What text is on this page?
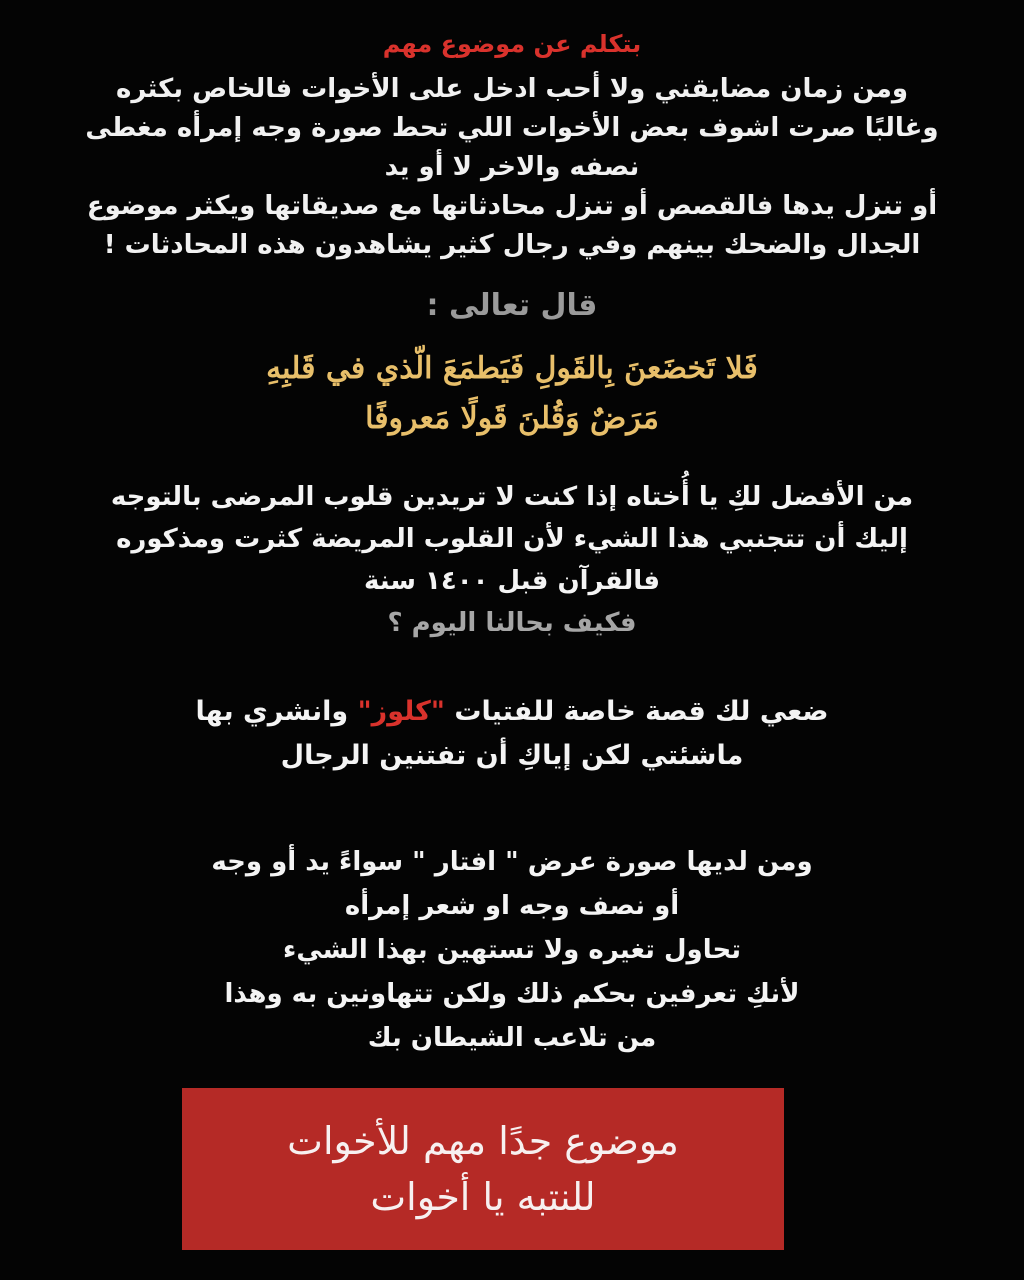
بتكلم عن موضوع مهم
ومن زمان مضايقني ولا أحب ادخل على الأخوات فالخاص بكثره
وغالبًا صرت اشوف بعض الأخوات اللي تحط صورة وجه إمرأه مغطى
نصفه والاخر لا أو يد
أو تنزل يدها فالقصص أو تنزل محادثاتها مع صديقاتها ويكثر موضوع
الجدال والضحك بينهم وفي رجال كثير يشاهدون هذه المحادثات !
قال تعالى :
فَلا تَخضَعنَ بِالقَولِ فَيَطمَعَ الّذي في قَلبِهِ
مَرَضٌ وَقُلنَ قَولًا مَعروفًا
من الأفضل لكِ يا أُختاه إذا كنت لا تريدين قلوب المرضى بالتوجه
إليك أن تتجنبي هذا الشيء لأن القلوب المريضة كثرت ومذكوره
فالقرآن قبل ١٤٠٠ سنة
فكيف بحالنا اليوم ؟
ضعي لك قصة خاصة للفتيات "كلوز" وانشري بها
ماشئتي لكن إياكِ أن تفتنين الرجال
ومن لديها صورة عرض " افتار " سواءً يد أو وجه
أو نصف وجه او شعر إمرأه
تحاول تغيره ولا تستهين بهذا الشيء
لأنكِ تعرفين بحكم ذلك ولكن تتهاونين به وهذا
من تلاعب الشيطان بك
موضوع جدًا مهم للأخوات
للنتبه يا أخوات
